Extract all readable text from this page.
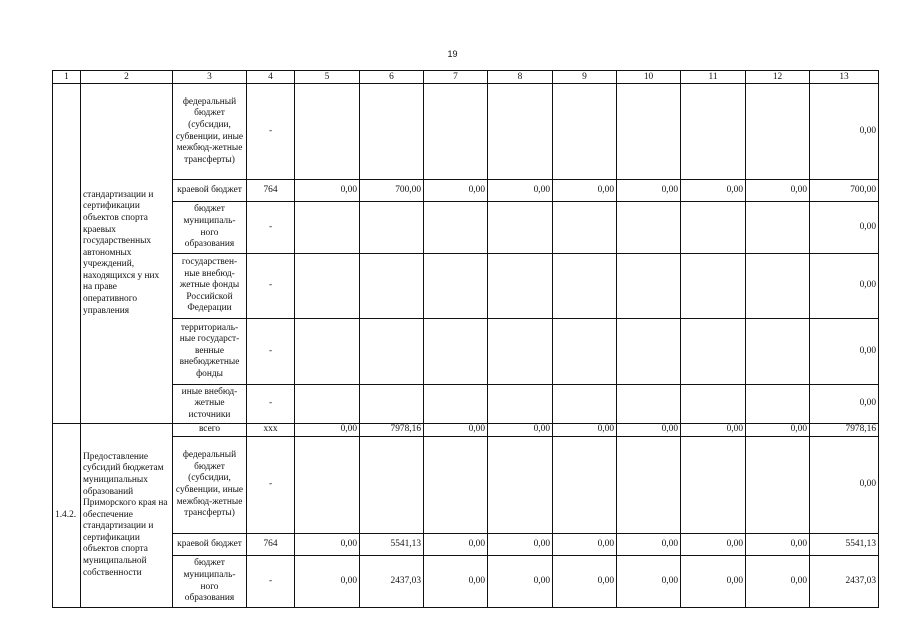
19
1	2	3	4	5	6	7	8	9	10	11	12	13
	стандартизации и сертификации объектов спорта краевых государственных автономных учреждений, находящихся у них на праве оперативного управления	федеральный бюджет (субсидии, субвенции, иные межбюд-жетные трансферты)	-									0,00
		краевой бюджет	764	0,00	700,00	0,00	0,00	0,00	0,00	0,00	0,00	700,00
		бюджет муниципаль-ного образования	-									0,00
		государствен-ные внебюд-жетные фонды Российской Федерации	-									0,00
		территориаль-ные государст-венные внебюджетные фонды	-									0,00
		иные внебюд-жетные источники	-									0,00
1.4.2.	Предоставление субсидий бюджетам муниципальных образований Приморского края на обеспечение стандартизации и сертификации объектов спорта муниципальной собственности	всего	xxx	0,00	7978,16	0,00	0,00	0,00	0,00	0,00	0,00	7978,16
		федеральный бюджет (субсидии, субвенции, иные межбюд-жетные трансферты)	-									0,00
		краевой бюджет	764	0,00	5541,13	0,00	0,00	0,00	0,00	0,00	0,00	5541,13
		бюджет муниципаль-ного образования	-	0,00	2437,03	0,00	0,00	0,00	0,00	0,00	0,00	2437,03
